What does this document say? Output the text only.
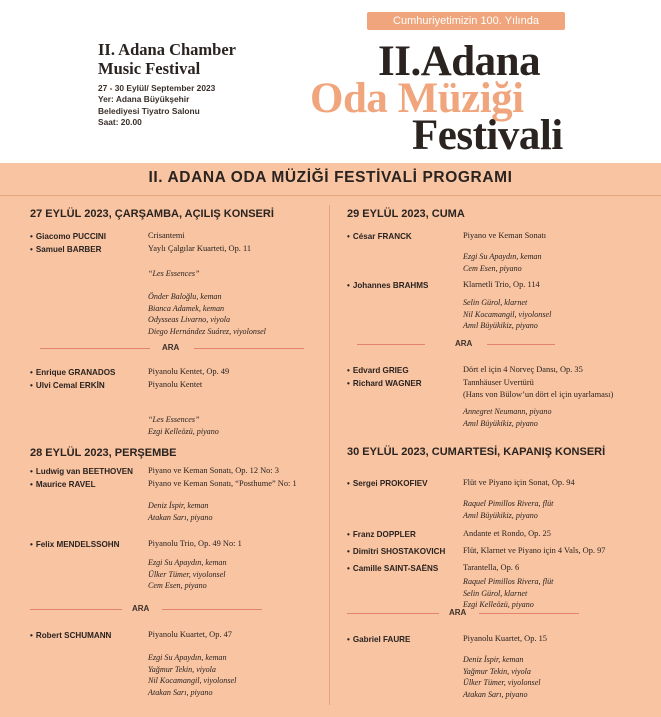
II. Adana Chamber
Music Festival
27 - 30 Eylül/ September 2023
Yer: Adana Büyükşehir
Belediyesi Tiyatro Salonu
Saat: 20.00
Cumhuriyetimizin 100. Yılında
II.Adana
Oda Müziği
Festivali
II. ADANA ODA MÜZİĞİ FESTİVALİ PROGRAMI
27 EYLÜL 2023, ÇARŞAMBA, AÇILIŞ KONSERİ
• Giacomo PUCCINI	Crisantemi
• Samuel BARBER	Yaylı Çalgılar Kuarteti, Op. 11
“Les Essences”

Önder Baloğlu, keman
Bianca Adamek, keman
Odysseas Livarno, viyola
Diego Hernández Suárez, viyolonsel
ARA
• Enrique GRANADOS	Piyanolu Kentet, Op. 49
• Ulvi Cemal ERKİN	Piyanolu Kentet
“Les Essences”
Ezgi Kelleözü, piyano
29 EYLÜL 2023, CUMA
• César FRANCK	Piyano ve Keman Sonatı
Ezgi Su Apaydın, keman
Cem Esen, piyano
• Johannes BRAHMS	Klarnetli Trio, Op. 114
Selin Gürol, klarnet
Nil Kocamangil, viyolonsel
Amıl Büyükikiz, piyano
ARA
• Edvard GRIEG	Dört el için 4 Norveç Dansı, Op. 35
• Richard WAGNER	Tannhäuser Uvertürü
(Hans von Bülow’un dört el için uyarlaması)
Annegret Neumann, piyano
Amıl Büyükikiz, piyano
28 EYLÜL 2023, PERŞEMBE
• Ludwig van BEETHOVEN Piyano ve Keman Sonatı, Op. 12 No: 3
• Maurice RAVEL	Piyano ve Keman Sonatı, “Posthume” No: 1
Deniz İspir, keman
Atakan Sarı, piyano
• Felix MENDELSSOHN	Piyanolu Trio, Op. 49 No: 1
Ezgi Su Apaydın, keman
Ülker Tümer, viyolonsel
Cem Esen, piyano
ARA
• Robert SCHUMANN	Piyanolu Kuartet, Op. 47
Ezgi Su Apaydın, keman
Yağmur Tekin, viyola
Nil Kocamangil, viyolonsel
Atakan Sarı, piyano
30 EYLÜL 2023, CUMARTESİ, KAPANIŞ KONSERİ
• Sergei PROKOFIEV	Flüt ve Piyano için Sonat, Op. 94
Raquel Pimillos Rivera, flüt
Amıl Büyükikiz, piyano
• Franz DOPPLER	Andante et Rondo, Op. 25
• Dimitri SHOSTAKOVICH Flüt, Klarnet ve Piyano için 4 Vals, Op. 97
• Camille SAINT-SAËNS	Tarantella, Op. 6
Raquel Pimillos Rivera, flüt
Selin Gürol, klarnet
Ezgi Kelleözü, piyano
ARA
• Gabriel FAURE	Piyanolu Kuartet, Op. 15
Deniz İspir, keman
Yağmur Tekin, viyola
Ülker Tümer, viyolonsel
Atakan Sarı, piyano
